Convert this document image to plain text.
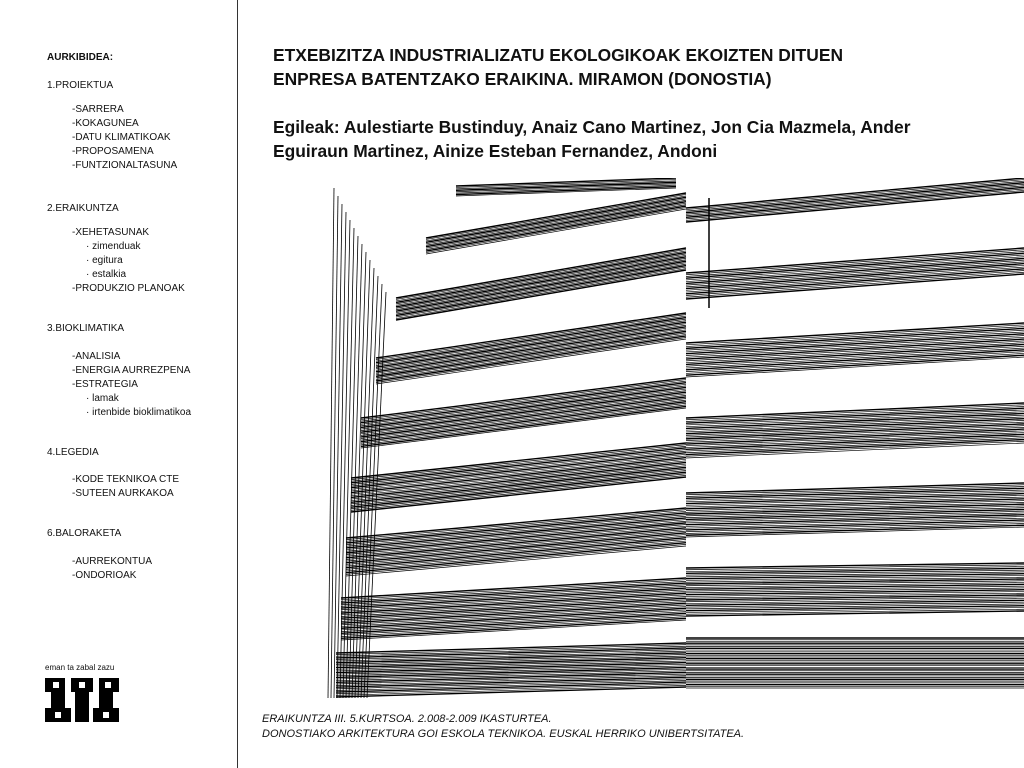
AURKIBIDEA:
1.PROIEKTUA
-SARRERA
-KOKAGUNEA
-DATU KLIMATIKOAK
-PROPOSAMENA
-FUNTZIONALTASUNA
2.ERAIKUNTZA
-XEHETASUNAK
· zimenduak
· egitura
· estalkia
-PRODUKZIO PLANOAK
3.BIOKLIMATIKA
-ANALISIA
-ENERGIA AURREZPENA
-ESTRATEGIA
· lamak
· irtenbide bioklimatikoa
4.LEGEDIA
-KODE TEKNIKOA CTE
-SUTEEN AURKAKOA
6.BALORAKETA
-AURREKONTUA
-ONDORIOAK
eman ta zabal zazu
ETXEBIZITZA INDUSTRIALIZATU EKOLOGIKOAK EKOIZTEN DITUEN
ENPRESA BATENTZAKO ERAIKINA. MIRAMON (DONOSTIA)
Egileak: Aulestiarte Bustinduy, Anaiz Cano Martinez, Jon Cia Mazmela, Ander
Eguiraun Martinez, Ainize Esteban Fernandez, Andoni
ERAIKUNTZA III. 5.KURTSOA. 2.008-2.009 IKASTURTEA.
DONOSTIAKO ARKITEKTURA GOI ESKOLA TEKNIKOA. EUSKAL HERRIKO UNIBERTSITATEA.
